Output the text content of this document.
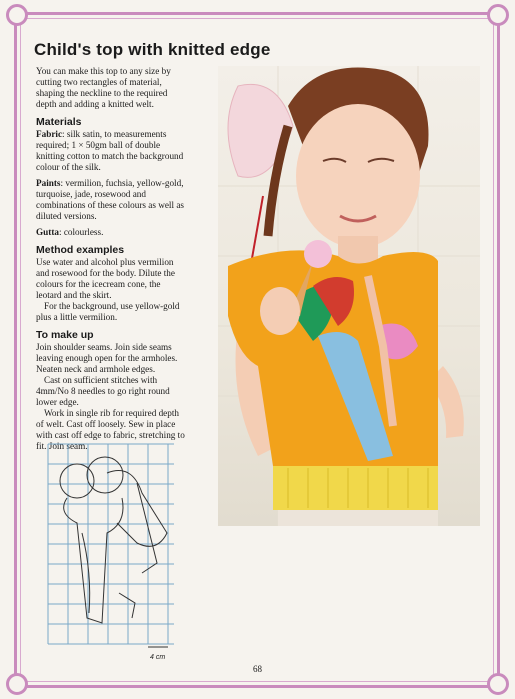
Child's top with knitted edge

You can make this top to any size by cutting two rectangles of material, shaping the neckline to the required depth and adding a knitted welt.

Materials

Fabric: silk satin, to measurements required; 1 × 50gm ball of double knitting cotton to match the background colour of the silk.

Paints: vermilion, fuchsia, yellow-gold, turquoise, jade, rosewood and combinations of these colours as well as diluted versions.

Gutta: colourless.

Method examples

Use water and alcohol plus vermilion and rosewood for the body. Dilute the colours for the icecream cone, the leotard and the skirt.

For the background, use yellow-gold plus a little vermilion.

To make up

Join shoulder seams. Join side seams leaving enough open for the armholes. Neaten neck and armhole edges.

Cast on sufficient stitches with 4mm/No 8 needles to go right round lower edge.

Work in single rib for required depth of welt. Cast off loosely. Sew in place with cast off edge to fabric, stretching to fit. Join seam.

4 cm
68
